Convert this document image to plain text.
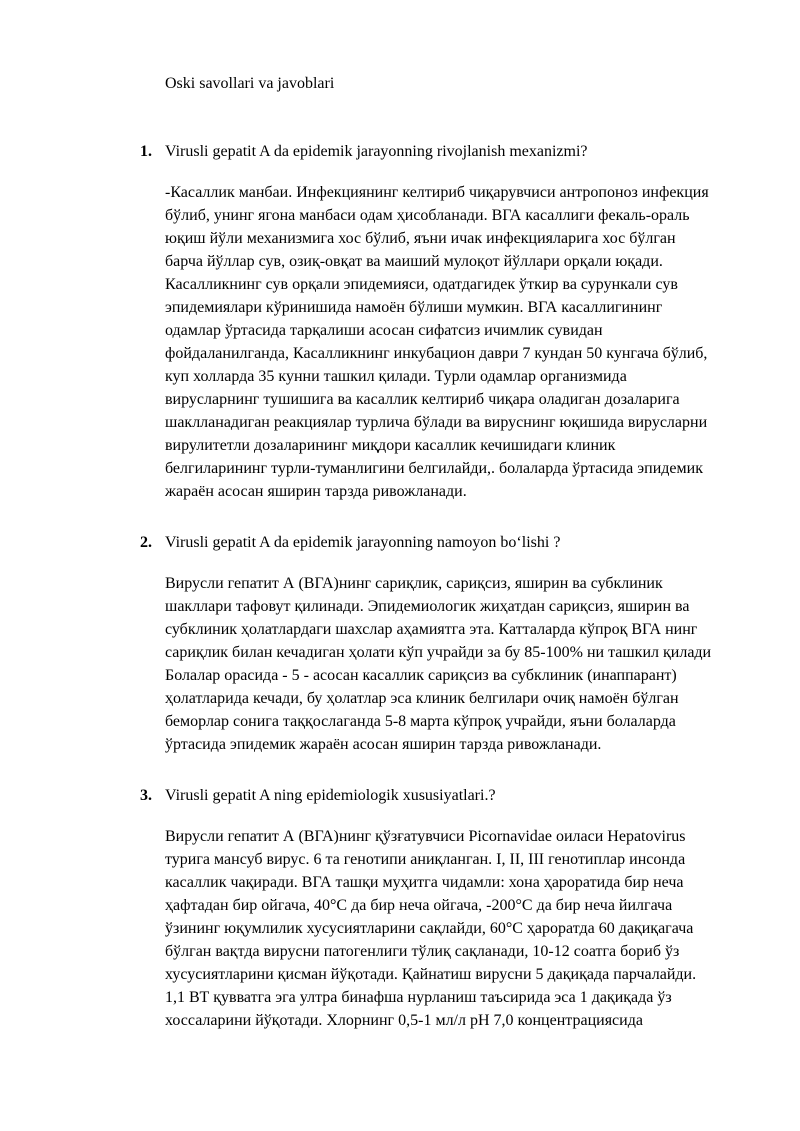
Oski savollari va javoblari

1. Virusli gepatit A da epidemik jarayonning rivojlanish mexanizmi?

-Касаллик манбаи. Инфекциянинг келтириб чиқарувчиси антропоноз инфекция бўлиб, унинг ягона манбаси одам ҳисобланади. ВГА касаллиги фекаль-ораль юқиш йўли механизмига хос бўлиб, яъни ичак инфекцияларига хос бўлган барча йўллар сув, озиқ-овқат ва маиший мулоқот йўллари орқали юқади. Касалликнинг сув орқали эпидемияси, одатдагидек ўткир ва сурункали сув эпидемиялари кўринишида намоён бўлиши мумкин. ВГА касаллигининг одамлар ўртасида тарқалиши асосан сифатсиз ичимлик сувидан фойдаланилганда, Касалликнинг инкубацион даври 7 кундан 50 кунгача бўлиб, куп холларда 35 кунни ташкил қилади. Турли одамлар организмида вирусларнинг тушишига ва касаллик келтириб чиқара оладиган дозаларига шаклланадиган реакциялар турлича бўлади ва вируснинг юқишида вирусларни вирулитетли дозаларининг миқдори касаллик кечишидаги клиник белгиларининг турли-туманлигини белгилайди,. болаларда ўртасида эпидемик жараён асосан яширин тарзда ривожланади.

2. Virusli gepatit A da epidemik jarayonning namoyon boʻlishi ?

Вирусли гепатит А (ВГА)нинг сариқлик, сариқсиз, яширин ва субклиник шакллари тафовут қилинади. Эпидемиологик жиҳатдан сариқсиз, яширин ва субклиник ҳолатлардаги шахслар аҳамиятга эта. Катталарда кўпроқ ВГА нинг сариқлик билан кечадиган ҳолати кўп учрайди за бу 85-100% ни ташкил қилади Болалар орасида - 5 - асосан касаллик сариқсиз ва субклиник (инаппарант) ҳолатларида кечади, бу ҳолатлар эса клиник белгилари очиқ намоён бўлган беморлар сонига таққослаганда 5-8 марта кўпроқ учрайди, яъни болаларда ўртасида эпидемик жараён асосан яширин тарзда ривожланади.

3. Virusli gepatit A ning epidemiologik xususiyatlari.?

Вирусли гепатит А (ВГА)нинг қўзғатувчиси Picornavidae оиласи Hepatovirus турига мансуб вирус. 6 та генотипи аниқланган. I, II, III генотиплар инсонда касаллик чақиради. ВГА ташқи муҳитга чидамли: хона ҳароратида бир неча ҳафтадан бир ойгача, 40°C да бир неча ойгача, -200°C да бир неча йилгача ўзининг юқумлилик хусусиятларини сақлайди, 60°C ҳароратда 60 дақиқагача бўлган вақтда вирусни патогенлиги тўлиқ сақланади, 10-12 соатга бориб ўз хусусиятларини қисман йўқотади. Қайнатиш вирусни 5 дақиқада парчалайди. 1,1 ВТ қувватга эга ултра бинафша нурланиш таъсирида эса 1 дақиқада ўз хоссаларини йўқотади. Хлорнинг 0,5-1 мл/л рН 7,0 концентрациясида
